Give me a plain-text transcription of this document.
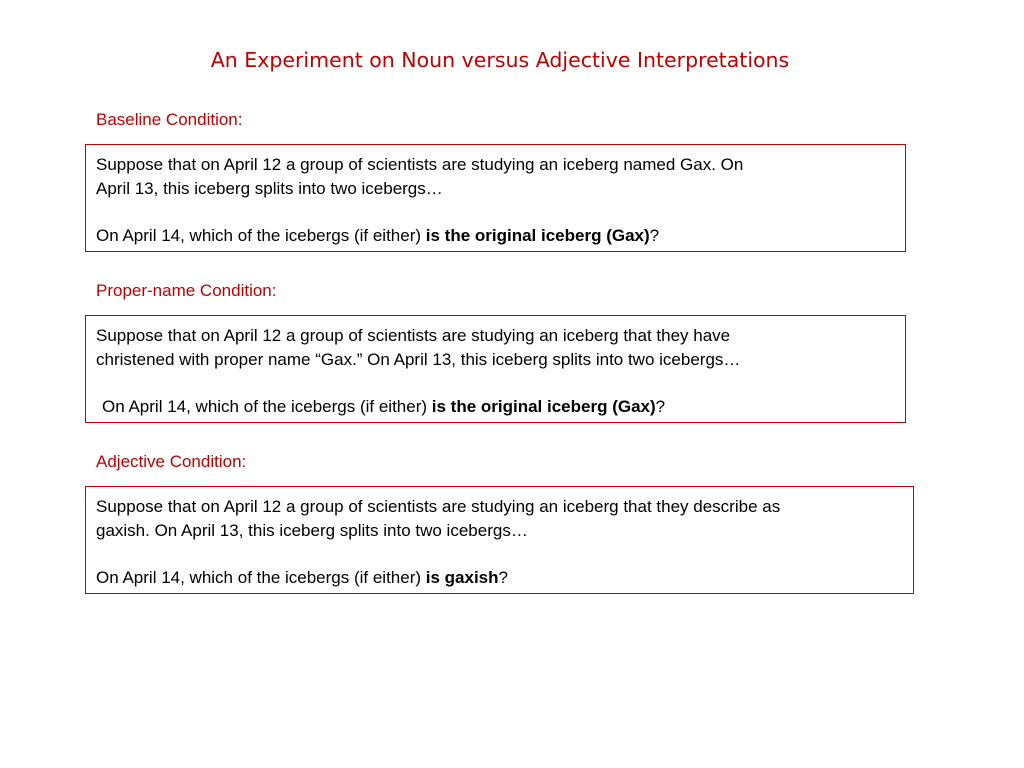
An Experiment on Noun versus Adjective Interpretations
Baseline Condition:

Suppose that on April 12 a group of scientists are studying an iceberg named Gax. On

April 13, this iceberg splits into two icebergs…

On April 14, which of the icebergs (if either) is the original iceberg (Gax)?

Proper-name Condition:

Suppose that on April 12 a group of scientists are studying an iceberg that they have

christened with proper name “Gax.” On April 13, this iceberg splits into two icebergs…

On April 14, which of the icebergs (if either) is the original iceberg (Gax)?

Adjective Condition:

Suppose that on April 12 a group of scientists are studying an iceberg that they describe as

gaxish. On April 13, this iceberg splits into two icebergs…

On April 14, which of the icebergs (if either) is gaxish?
